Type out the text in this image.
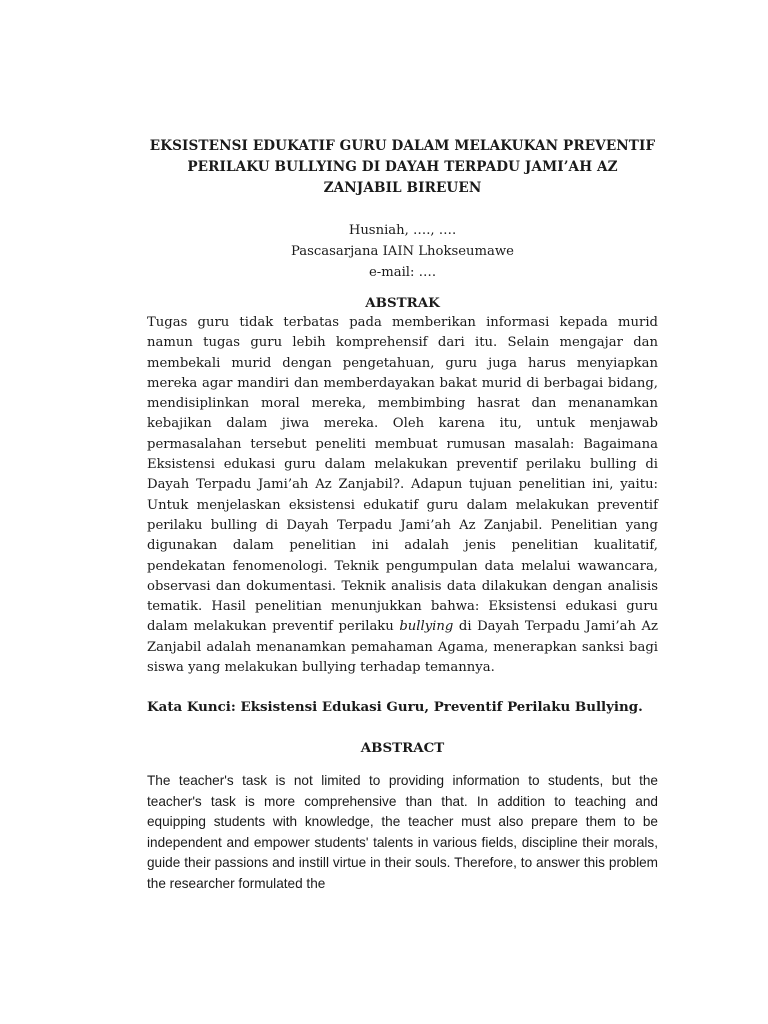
EKSISTENSI EDUKATIF GURU DALAM MELAKUKAN PREVENTIF
PERILAKU BULLYING DI DAYAH TERPADU JAMI’AH AZ
ZANJABIL BIREUEN
Husniah, …., ….
Pascasarjana IAIN Lhokseumawe
e-mail: ….
ABSTRAK

Tugas guru tidak terbatas pada memberikan informasi kepada murid namun tugas guru lebih komprehensif dari itu. Selain mengajar dan membekali murid dengan pengetahuan, guru juga harus menyiapkan mereka agar mandiri dan memberdayakan bakat murid di berbagai bidang, mendisiplinkan moral mereka, membimbing hasrat dan menanamkan kebajikan dalam jiwa mereka. Oleh karena itu, untuk menjawab permasalahan tersebut peneliti membuat rumusan masalah: Bagaimana Eksistensi edukasi guru dalam melakukan preventif perilaku bulling di Dayah Terpadu Jami’ah Az Zanjabil?. Adapun tujuan penelitian ini, yaitu: Untuk menjelaskan eksistensi edukatif guru dalam melakukan preventif perilaku bulling di Dayah Terpadu Jami’ah Az Zanjabil. Penelitian yang digunakan dalam penelitian ini adalah jenis penelitian kualitatif, pendekatan fenomenologi. Teknik pengumpulan data melalui wawancara, observasi dan dokumentasi. Teknik analisis data dilakukan dengan analisis tematik. Hasil penelitian menunjukkan bahwa: Eksistensi edukasi guru dalam melakukan preventif perilaku bullying di Dayah Terpadu Jami’ah Az Zanjabil adalah menanamkan pemahaman Agama, menerapkan sanksi bagi siswa yang melakukan bullying terhadap temannya.

Kata Kunci: Eksistensi Edukasi Guru, Preventif Perilaku Bullying.
ABSTRACT

The teacher's task is not limited to providing information to students, but the teacher's task is more comprehensive than that. In addition to teaching and equipping students with knowledge, the teacher must also prepare them to be independent and empower students' talents in various fields, discipline their morals, guide their passions and instill virtue in their souls. Therefore, to answer this problem the researcher formulated the
